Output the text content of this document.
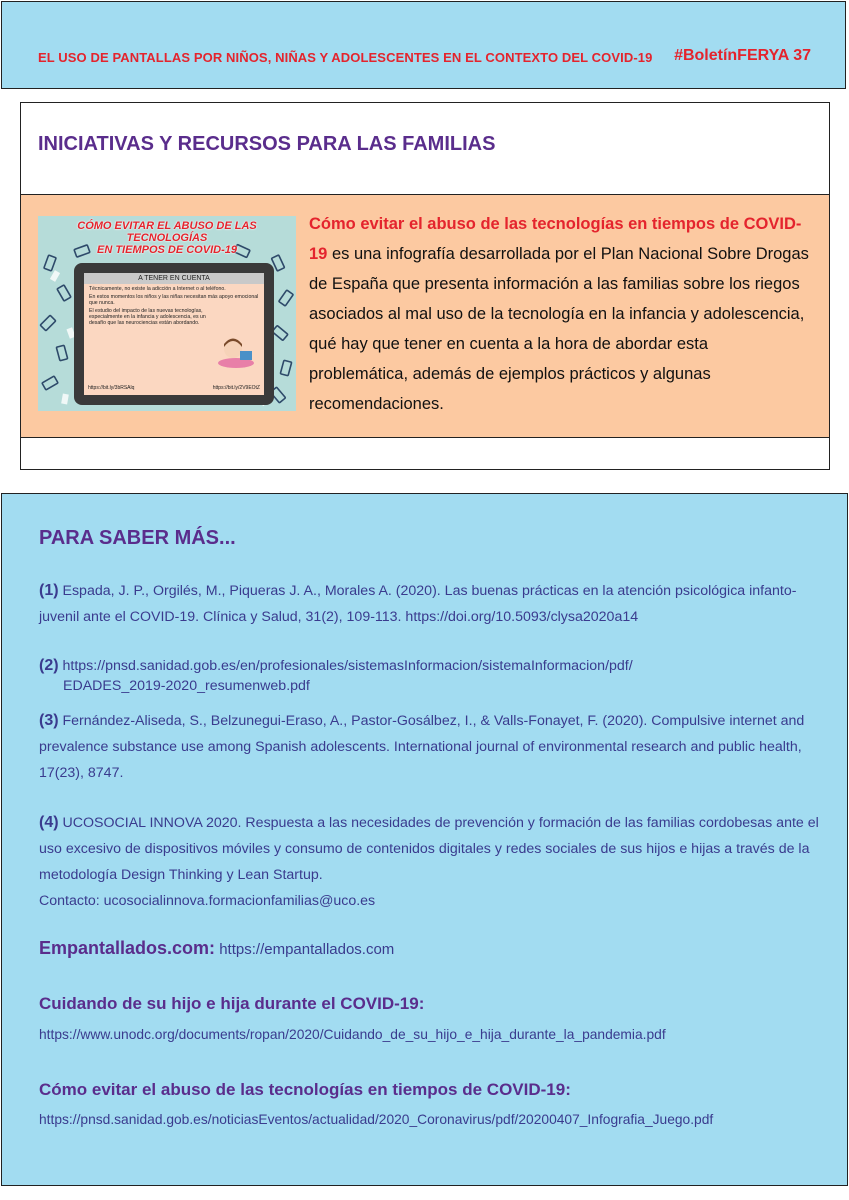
EL USO DE PANTALLAS POR NIÑOS, NIÑAS Y ADOLESCENTES EN EL CONTEXTO DEL COVID-19 #BoletínFERYA 37
INICIATIVAS Y RECURSOS PARA LAS FAMILIAS
CÓMO EVITAR EL ABUSO DE LAS TECNOLOGÍAS
EN TIEMPOS DE COVID-19
A TENER EN CUENTA

Técnicamente, no existe la adicción a Internet o al teléfono.

En estos momentos los niños y las niñas necesitan más apoyo emocional que nunca.

El estudio del impacto de las nuevas tecnologías, especialmente en la infancia y adolescencia, es un desafío que las neurociencias están abordando.

https://bit.ly/3bRSAlq	https://bit.ly/2V9EOtZ
Cómo evitar el abuso de las tecnologías en tiempos de COVID-19 es una infografía desarrollada por el Plan Nacional Sobre Drogas de España que presenta información a las familias sobre los riegos asociados al mal uso de la tecnología en la infancia y adolescencia, qué hay que tener en cuenta a la hora de abordar esta problemática, además de ejemplos prácticos y algunas recomendaciones.
PARA SABER MÁS...
(1) Espada, J. P., Orgilés, M., Piqueras J. A., Morales A. (2020). Las buenas prácticas en la atención psicológica infanto-juvenil ante el COVID-19. Clínica y Salud, 31(2), 109-113. https://doi.org/10.5093/clysa2020a14
(2) https://pnsd.sanidad.gob.es/en/profesionales/sistemasInformacion/sistemaInformacion/pdf/
EDADES_2019-2020_resumenweb.pdf
(3) Fernández-Aliseda, S., Belzunegui-Eraso, A., Pastor-Gosálbez, I., & Valls-Fonayet, F. (2020). Compulsive internet and prevalence substance use among Spanish adolescents. International journal of environmental research and public health, 17(23), 8747.
(4) UCOSOCIAL INNOVA 2020. Respuesta a las necesidades de prevención y formación de las familias cordobesas ante el uso excesivo de dispositivos móviles y consumo de contenidos digitales y redes sociales de sus hijos e hijas a través de la metodología Design Thinking y Lean Startup.
Contacto: ucosocialinnova.formacionfamilias@uco.es
Empantallados.com: https://empantallados.com
Cuidando de su hijo e hija durante el COVID-19:
https://www.unodc.org/documents/ropan/2020/Cuidando_de_su_hijo_e_hija_durante_la_pandemia.pdf
Cómo evitar el abuso de las tecnologías en tiempos de COVID-19:
https://pnsd.sanidad.gob.es/noticiasEventos/actualidad/2020_Coronavirus/pdf/20200407_Infografia_Juego.pdf
